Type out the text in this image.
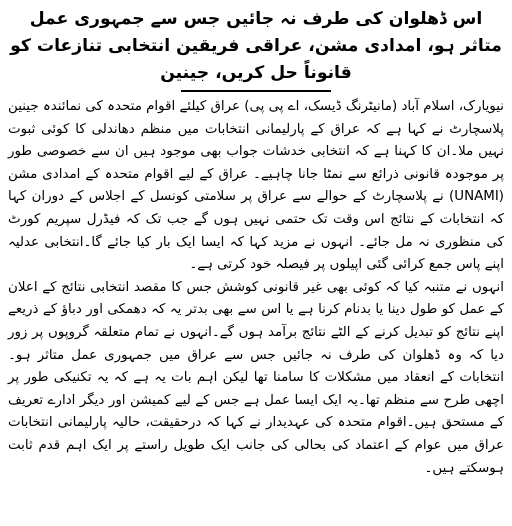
اس ڈھلوان کی طرف نہ جائیں جس سے جمہوری عمل متاثر ہو، امدادی مشن، عراقی فریقین انتخابی تنازعات کو قانوناً حل کریں، جینین

نیویارک، اسلام آباد (مانیٹرنگ ڈیسک، اے پی پی) عراق کیلئے اقوام متحدہ کی نمائندہ جینین پلاسچارٹ نے کہا ہے کہ عراق کے پارلیمانی انتخابات میں منظم دھاندلی کا کوئی ثبوت نہیں ملا۔ان کا کہنا ہے کہ انتخابی خدشات جواب بھی موجود ہیں ان سے خصوصی طور پر موجودہ قانونی ذرائع سے نمٹا جانا چاہیے۔ عراق کے لیے اقوام متحدہ کے امدادی مشن (UNAMI) نے پلاسچارٹ کے حوالے سے عراق پر سلامتی کونسل کے اجلاس کے دوران کہا کہ انتخابات کے نتائج اس وقت تک حتمی نہیں ہوں گے جب تک کہ فیڈرل سپریم کورٹ کی منظوری نہ مل جائے۔ انہوں نے مزید کہا کہ ایسا ایک بار کیا جائے گا۔انتخابی عدلیہ اپنے پاس جمع کرائی گئی اپیلوں پر فیصلہ خود کرتی ہے۔

انہوں نے متنبہ کیا کہ کوئی بھی غیر قانونی کوشش جس کا مقصد انتخابی نتائج کے اعلان کے عمل کو طول دینا یا بدنام کرنا ہے یا اس سے بھی بدتر یہ کہ دھمکی اور دباؤ کے ذریعے اپنے نتائج کو تبدیل کرنے کے الٹے نتائج برآمد ہوں گے۔انہوں نے تمام متعلقہ گروپوں پر زور دیا کہ وہ ڈھلوان کی طرف نہ جائیں جس سے عراق میں جمہوری عمل متاثر ہو۔انتخابات کے انعقاد میں مشکلات کا سامنا تھا لیکن اہم بات یہ ہے کہ یہ تکنیکی طور پر اچھی طرح سے منظم تھا۔یہ ایک ایسا عمل ہے جس کے لیے کمیشن اور دیگر ادارے تعریف کے مستحق ہیں۔اقوام متحدہ کی عہدیدار نے کہا کہ درحقیقت، حالیہ پارلیمانی انتخابات عراق میں عوام کے اعتماد کی بحالی کی جانب ایک طویل راستے پر ایک اہم قدم ثابت ہوسکتے ہیں۔
